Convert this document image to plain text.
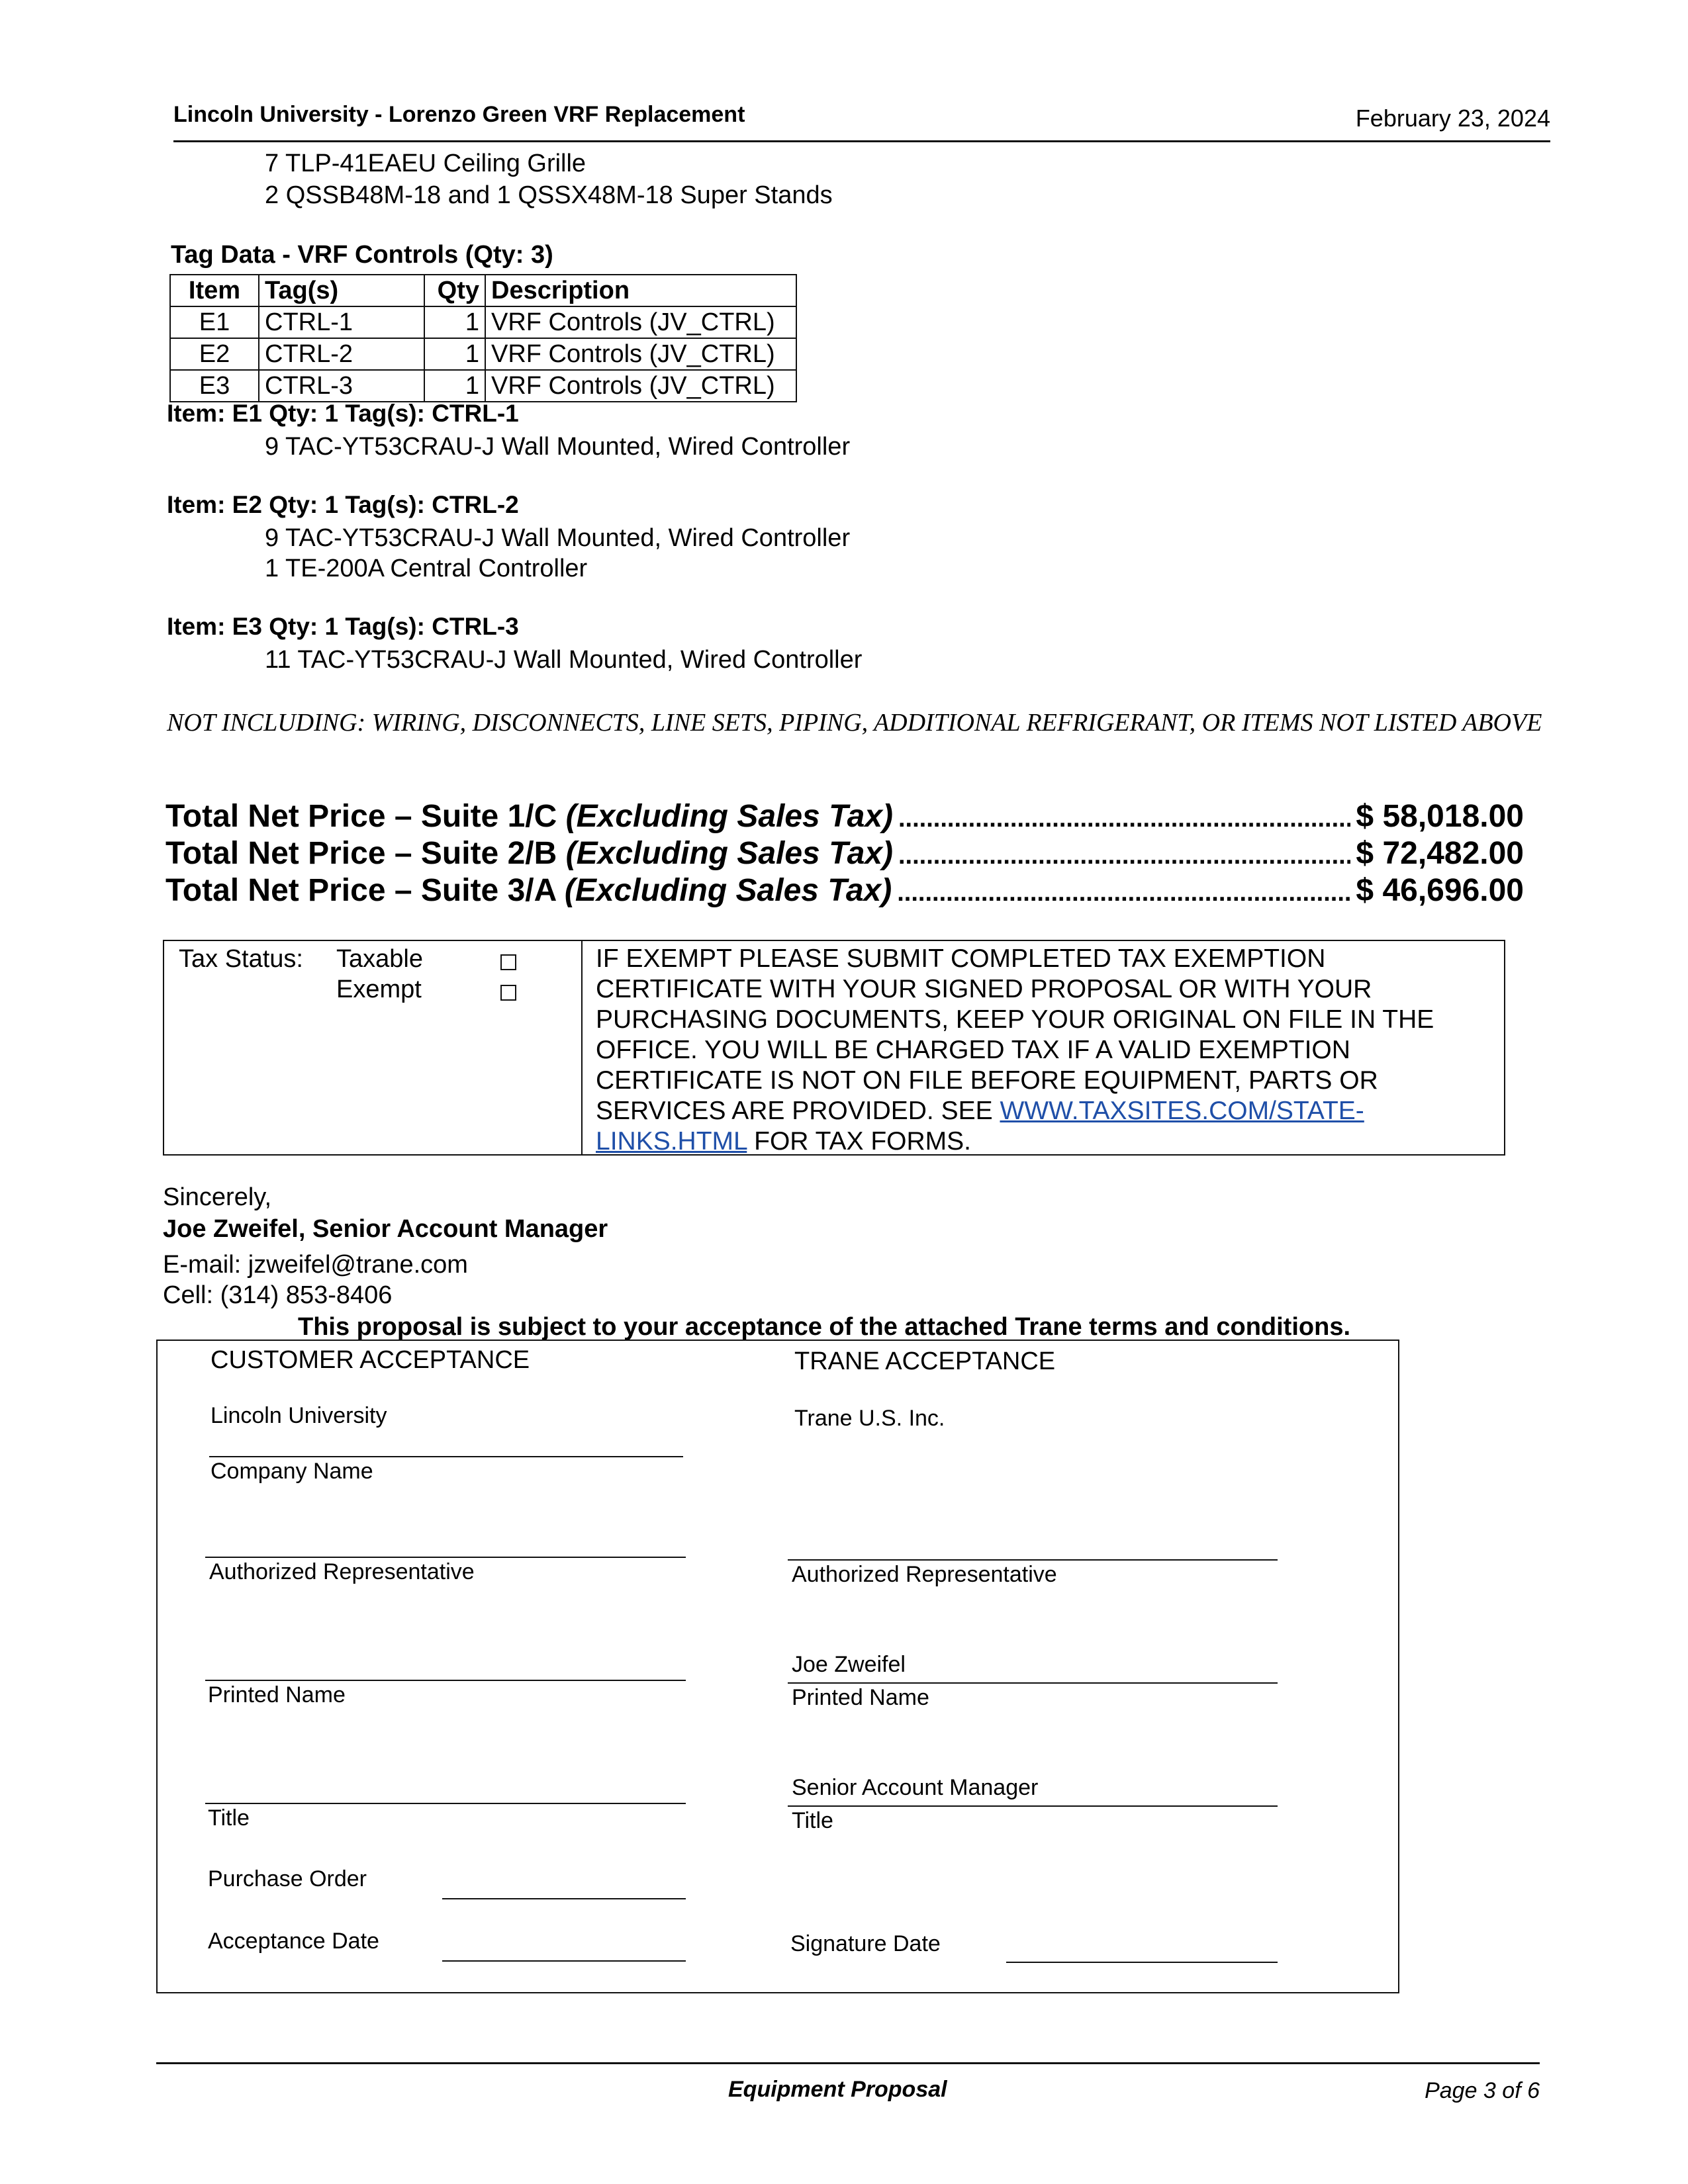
Lincoln University - Lorenzo Green VRF Replacement	February 23, 2024
7 TLP-41EAEU Ceiling Grille
2 QSSB48M-18 and 1 QSSX48M-18 Super Stands
Tag Data - VRF Controls (Qty: 3)
Item	Tag(s)	Qty	Description
E1	CTRL-1	1	VRF Controls (JV_CTRL)
E2	CTRL-2	1	VRF Controls (JV_CTRL)
E3	CTRL-3	1	VRF Controls (JV_CTRL)
Item: E1 Qty: 1 Tag(s): CTRL-1
9 TAC-YT53CRAU-J Wall Mounted, Wired Controller
Item: E2 Qty: 1 Tag(s): CTRL-2
9 TAC-YT53CRAU-J Wall Mounted, Wired Controller
1 TE-200A Central Controller
Item: E3 Qty: 1 Tag(s): CTRL-3
11 TAC-YT53CRAU-J Wall Mounted, Wired Controller
NOT INCLUDING: WIRING, DISCONNECTS, LINE SETS, PIPING, ADDITIONAL REFRIGERANT, OR ITEMS NOT LISTED ABOVE
Total Net Price – Suite 1/C (Excluding Sales Tax) .....	$ 58,018.00
Total Net Price – Suite 2/B (Excluding Sales Tax) .....	$ 72,482.00
Total Net Price – Suite 3/A (Excluding Sales Tax) .....	$ 46,696.00
Tax Status: Taxable
Exempt
IF EXEMPT PLEASE SUBMIT COMPLETED TAX EXEMPTION CERTIFICATE WITH YOUR SIGNED PROPOSAL OR WITH YOUR PURCHASING DOCUMENTS, KEEP YOUR ORIGINAL ON FILE IN THE OFFICE. YOU WILL BE CHARGED TAX IF A VALID EXEMPTION CERTIFICATE IS NOT ON FILE BEFORE EQUIPMENT, PARTS OR SERVICES ARE PROVIDED. SEE WWW.TAXSITES.COM/STATE-LINKS.HTML FOR TAX FORMS.
Sincerely,
Joe Zweifel, Senior Account Manager
E-mail: jzweifel@trane.com
Cell: (314) 853-8406
This proposal is subject to your acceptance of the attached Trane terms and conditions.
CUSTOMER ACCEPTANCE	TRANE ACCEPTANCE
Lincoln University	Trane U.S. Inc.
Company Name
Authorized Representative	Authorized Representative
Printed Name
Joe Zweifel
Printed Name
Title
Senior Account Manager
Title
Purchase Order
Acceptance Date	Signature Date
Equipment Proposal	Page 3 of 6
